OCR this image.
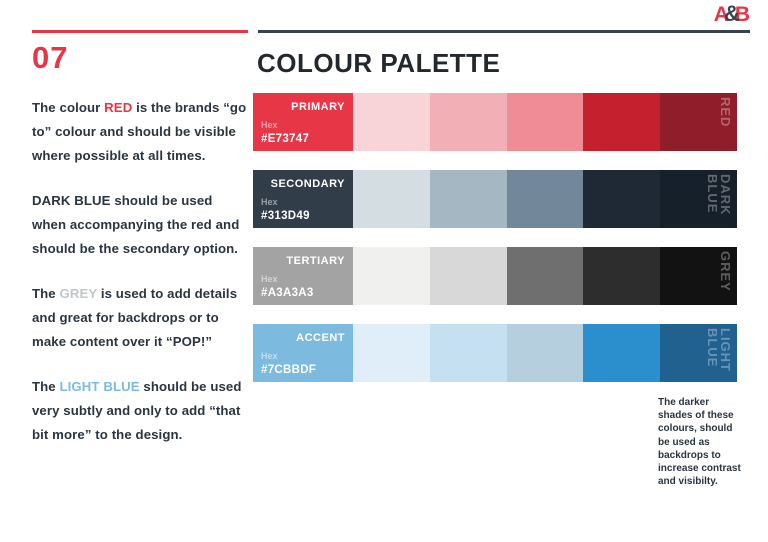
A&B
07

The colour RED is the brands “go to” colour and should be visible where possible at all times.

DARK BLUE should be used when accompanying the red and should be the secondary option.

The GREY is used to add details and great for backdrops or to make content over it “POP!”

The LIGHT BLUE should be used very subtly and only to add “that bit more” to the design.

COLOUR PALETTE
PRIMARY
Hex
#E73747
RED
SECONDARY
Hex
#313D49
DARK
BLUE
TERTIARY
Hex
#A3A3A3
GREY
ACCENT
Hex
#7CBBDF	LIGHT
BLUE
The darker shades of these colours, should be used as backdrops to increase contrast and visibilty.
